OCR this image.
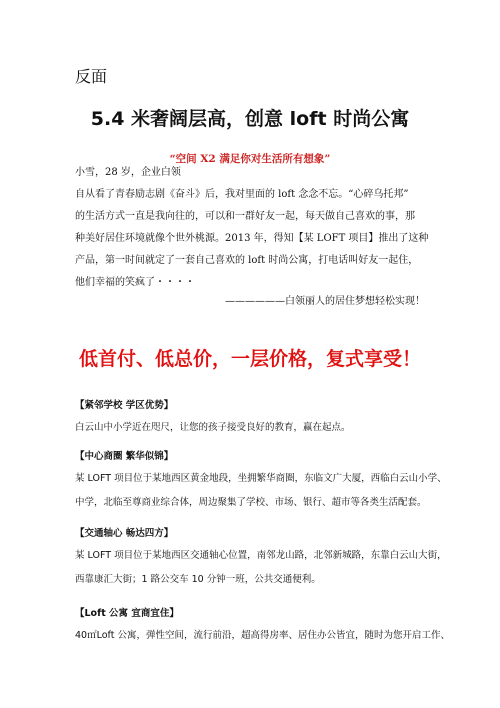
反面
5.4 米奢阔层高，创意 loft 时尚公寓
“空间 X2 满足你对生活所有想象”
小雪，28 岁，企业白领
自从看了青春励志剧《奋斗》后，我对里面的 loft 念念不忘。“心碎乌托邦”
的生活方式一直是我向往的，可以和一群好友一起，每天做自己喜欢的事，那
种美好居住环境就像个世外桃源。2013 年，得知【某 LOFT 项目】推出了这种
产品，第一时间就定了一套自己喜欢的 loft 时尚公寓，打电话叫好友一起住，
他们幸福的笑疯了・・・・
——————白领丽人的居住梦想轻松实现！
低首付、低总价，一层价格，复式享受！
【紧邻学校 学区优势】
白云山中小学近在咫尺，让您的孩子接受良好的教育，赢在起点。
【中心商圈 繁华似锦】
某 LOFT 项目位于某地西区黄金地段，坐拥繁华商圈，东临文广大厦，西临白云山小学、
中学，北临至尊商业综合体，周边聚集了学校、市场、银行、超市等各类生活配套。
【交通轴心 畅达四方】
某 LOFT 项目位于某地西区交通轴心位置，南邻龙山路，北邻新城路，东靠白云山大街，
西靠康汇大街；1 路公交车 10 分钟一班，公共交通便利。
【Loft 公寓 宜商宜住】
40㎡Loft 公寓，弹性空间，流行前沿，超高得房率、居住办公皆宜，随时为您开启工作、
